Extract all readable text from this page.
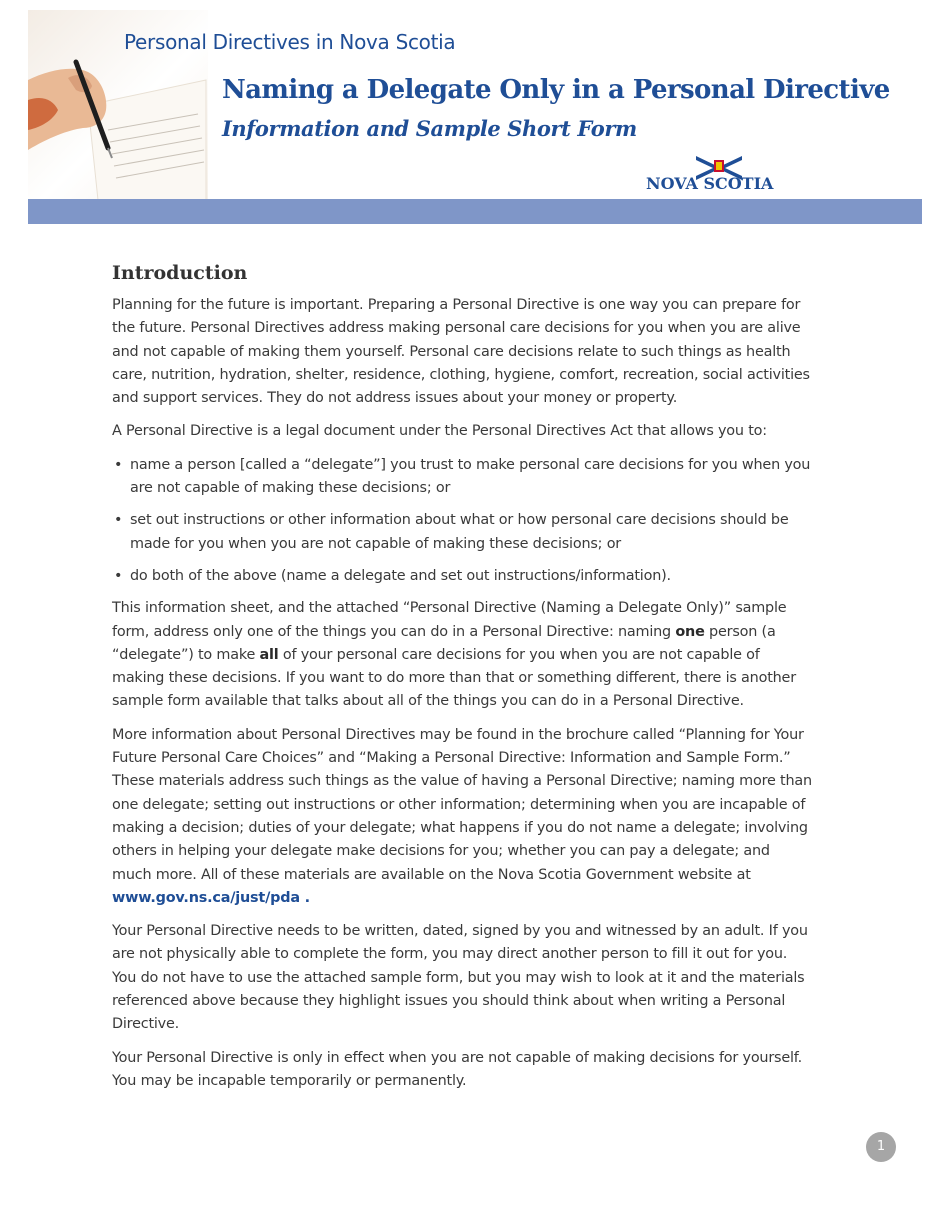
Personal Directives in Nova Scotia
Naming a Delegate Only in a Personal Directive
Information and Sample Short Form
NOVA SCOTIA
Introduction

Planning for the future is important. Preparing a Personal Directive is one way you can prepare for the future. Personal Directives address making personal care decisions for you when you are alive and not capable of making them yourself. Personal care decisions relate to such things as health care, nutrition, hydration, shelter, residence, clothing, hygiene, comfort, recreation, social activities and support services. They do not address issues about your money or property.

A Personal Directive is a legal document under the Personal Directives Act that allows you to:

• name a person [called a “delegate”] you trust to make personal care decisions for you when you are not capable of making these decisions; or
• set out instructions or other information about what or how personal care decisions should be made for you when you are not capable of making these decisions; or
• do both of the above (name a delegate and set out instructions/information).

This information sheet, and the attached “Personal Directive (Naming a Delegate Only)” sample form, address only one of the things you can do in a Personal Directive: naming one person (a “delegate”) to make all of your personal care decisions for you when you are not capable of making these decisions. If you want to do more than that or something different, there is another sample form available that talks about all of the things you can do in a Personal Directive.

More information about Personal Directives may be found in the brochure called “Planning for Your Future Personal Care Choices” and “Making a Personal Directive: Information and Sample Form.” These materials address such things as the value of having a Personal Directive; naming more than one delegate; setting out instructions or other information; determining when you are incapable of making a decision; duties of your delegate; what happens if you do not name a delegate; involving others in helping your delegate make decisions for you; whether you can pay a delegate; and much more. All of these materials are available on the Nova Scotia Government website at www.gov.ns.ca/just/pda .

Your Personal Directive needs to be written, dated, signed by you and witnessed by an adult. If you are not physically able to complete the form, you may direct another person to fill it out for you. You do not have to use the attached sample form, but you may wish to look at it and the materials referenced above because they highlight issues you should think about when writing a Personal Directive.

Your Personal Directive is only in effect when you are not capable of making decisions for yourself. You may be incapable temporarily or permanently.

1
